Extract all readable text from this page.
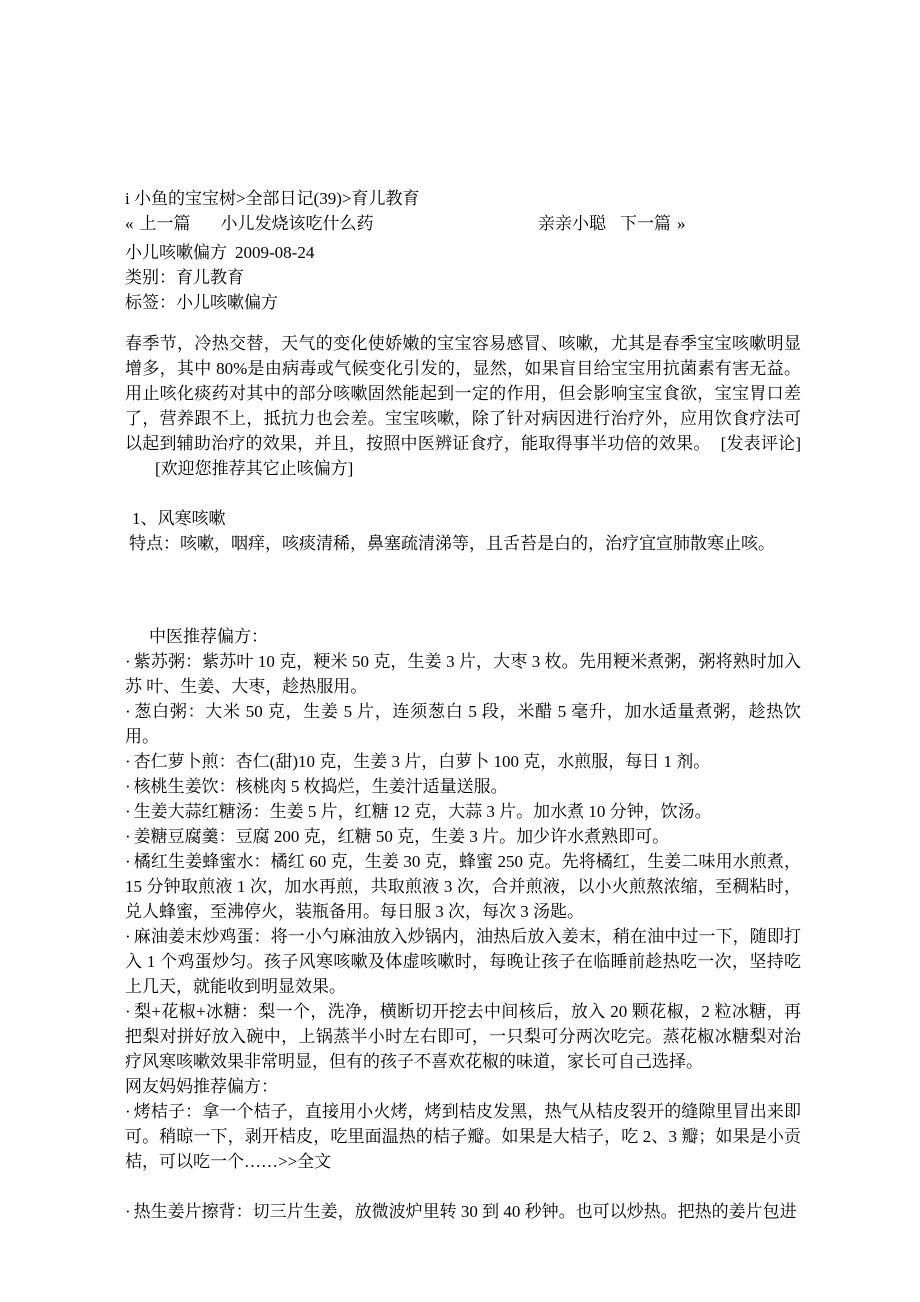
i 小鱼的宝宝树>全部日记(39)>育儿教育
« 上一篇 小儿发烧该吃什么药	亲亲小聪 下一篇 »
小儿咳嗽偏方 2009-08-24
类别：育儿教育
标签：小儿咳嗽偏方
春季节，冷热交替，天气的变化使娇嫩的宝宝容易感冒、咳嗽，尤其是春季宝宝咳嗽明显增多，其中 80%是由病毒或气候变化引发的，显然，如果盲目给宝宝用抗菌素有害无益。用止咳化痰药对其中的部分咳嗽固然能起到一定的作用，但会影响宝宝食欲，宝宝胃口差了，营养跟不上，抵抗力也会差。宝宝咳嗽，除了针对病因进行治疗外，应用饮食疗法可以起到辅助治疗的效果，并且，按照中医辨证食疗，能取得事半功倍的效果。 [发表评论][欢迎您推荐其它止咳偏方]
1、风寒咳嗽
特点：咳嗽，咽痒，咳痰清稀，鼻塞疏清涕等，且舌苔是白的，治疗宜宣肺散寒止咳。
中医推荐偏方：
· 紫苏粥：紫苏叶 10 克，粳米 50 克，生姜 3 片，大枣 3 枚。先用粳米煮粥，粥将熟时加入苏 叶、生姜、大枣，趁热服用。
· 葱白粥：大米 50 克，生姜 5 片，连须葱白 5 段，米醋 5 毫升，加水适量煮粥，趁热饮用。
· 杏仁萝卜煎：杏仁(甜)10 克，生姜 3 片，白萝卜 100 克，水煎服，每日 1 剂。
· 核桃生姜饮：核桃肉 5 枚捣烂，生姜汁适量送服。
· 生姜大蒜红糖汤：生姜 5 片，红糖 12 克，大蒜 3 片。加水煮 10 分钟，饮汤。
· 姜糖豆腐羹：豆腐 200 克，红糖 50 克，生姜 3 片。加少许水煮熟即可。
· 橘红生姜蜂蜜水：橘红 60 克，生姜 30 克，蜂蜜 250 克。先将橘红，生姜二味用水煎煮，15 分钟取煎液 1 次，加水再煎，共取煎液 3 次，合并煎液，以小火煎熬浓缩，至稠粘时，兑人蜂蜜，至沸停火，装瓶备用。每日服 3 次，每次 3 汤匙。
· 麻油姜末炒鸡蛋：将一小勺麻油放入炒锅内，油热后放入姜末，稍在油中过一下，随即打入 1 个鸡蛋炒匀。孩子风寒咳嗽及体虚咳嗽时，每晚让孩子在临睡前趁热吃一次，坚持吃上几天，就能收到明显效果。
· 梨+花椒+冰糖：梨一个，洗净，横断切开挖去中间核后，放入 20 颗花椒，2 粒冰糖，再把梨对拼好放入碗中，上锅蒸半小时左右即可，一只梨可分两次吃完。蒸花椒冰糖梨对治疗风寒咳嗽效果非常明显，但有的孩子不喜欢花椒的味道，家长可自己选择。
网友妈妈推荐偏方：
· 烤桔子：拿一个桔子，直接用小火烤，烤到桔皮发黑，热气从桔皮裂开的缝隙里冒出来即可。稍晾一下，剥开桔皮，吃里面温热的桔子瓣。如果是大桔子，吃 2、3 瓣；如果是小贡桔，可以吃一个……>>全文
· 热生姜片擦背：切三片生姜，放微波炉里转 30 到 40 秒钟。也可以炒热。把热的姜片包进
